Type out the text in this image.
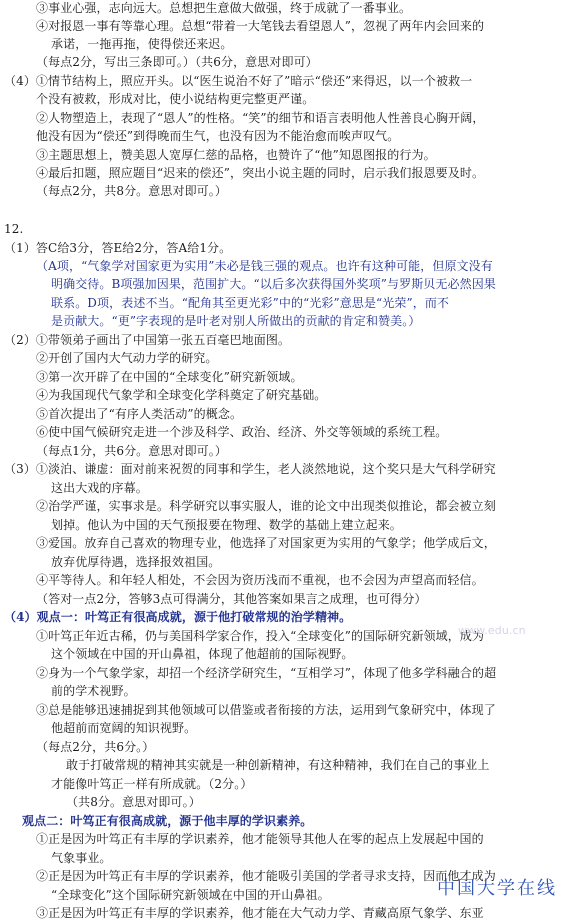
③事业心强，志向远大。总想把生意做大做强，终于成就了一番事业。
④对报恩一事有等靠心理。总想“带着一大笔钱去看望恩人”，忽视了两年内会回来的
承诺，一拖再拖，使得偿还来迟。
（每点2分，写出三条即可。）（共6分，意思对即可）
（4）①情节结构上，照应开头。以“医生说治不好了”暗示“偿还”来得迟，以一个被救一
个没有被救，形成对比，使小说结构更完整更严谨。
②人物塑造上，表现了“恩人”的性格。“笑”的细节和语言表明他人性善良心胸开阔，
他没有因为“偿还”到得晚而生气，也没有因为不能治愈而唉声叹气。
③主题思想上，赞美恩人宽厚仁慈的品格，也赞许了“他”知恩图报的行为。
④最后扣题，照应题目“迟来的偿还”，突出小说主题的同时，启示我们报恩要及时。
（每点2分，共8分。意思对即可。）
12.
（1）答C给3分，答E给2分，答A给1分。
（A项，“气象学对国家更为实用”未必是钱三强的观点。也许有这种可能，但原文没有
明确交待。B项强加因果，范围扩大。“以后多次获得国外奖项”与罗斯贝无必然因果
联系。D项，表述不当。“配角其至更光彩”中的“光彩”意思是“光荣”，而不
是贡献大。“更”字表现的是叶老对别人所做出的贡献的肯定和赞美。）
（2）①带领弟子画出了中国第一张五百毫巴地面图。
②开创了国内大气动力学的研究。
③第一次开辟了在中国的“全球变化”研究新领域。
④为我国现代气象学和全球变化学科奠定了研究基础。
⑤首次提出了“有序人类活动”的概念。
⑥使中国气候研究走进一个涉及科学、政治、经济、外交等领域的系统工程。
（每点1分，共6分。意思对即可。）
（3）①淡泊、谦虚：面对前来祝贺的同事和学生，老人淡然地说，这个奖只是大气科学研究
这出大戏的序幕。
②治学严谨，实事求是。科学研究以事实服人，谁的论文中出现类似推论，都会被立刻
划掉。他认为中国的天气预报要在物理、数学的基础上建立起来。
③爱国。放弃自己喜欢的物理专业，他选择了对国家更为实用的气象学；他学成后文，
放弃优厚待遇，选择报效祖国。
④平等待人。和年轻人相处，不会因为资历浅而不重视，也不会因为声望高而轻信。
（答对一点2分，答够3点可得满分，其他答案如果言之成理，也可得分）
（4）观点一：叶笃正有很高成就，源于他打破常规的治学精神。
①叶笃正年近古稀，仍与美国科学家合作，投入“全球变化”的国际研究新领域，成为
这个领域在中国的开山鼻祖，体现了他超前的国际视野。
②身为一个气象学家，却招一个经济学研究生，“互相学习”，体现了他多学科融合的超
前的学术视野。
③总是能够迅速捕捉到其他领域可以借鉴或者衔接的方法，运用到气象研究中，体现了
他超前而宽阔的知识视野。
（每点2分，共6分。）
敢于打破常规的精神其实就是一种创新精神，有这种精神，我们在自己的事业上
才能像叶笃正一样有所成就。（2分。）
（共8分。意思对即可。）
观点二：叶笃正有很高成就，源于他丰厚的学识素养。
①正是因为叶笃正有丰厚的学识素养，他才能领导其他人在零的起点上发展起中国的
气象事业。
②正是因为叶笃正有丰厚的学识素养，他才能吸引美国的学者寻求支持，因而他才成为
“全球变化”这个国际研究新领域在中国的开山鼻祖。
③正是因为叶笃正有丰厚的学识素养，他才能在大气动力学、青藏高原气象学、东亚
www.edu.cn
中国大学在线
